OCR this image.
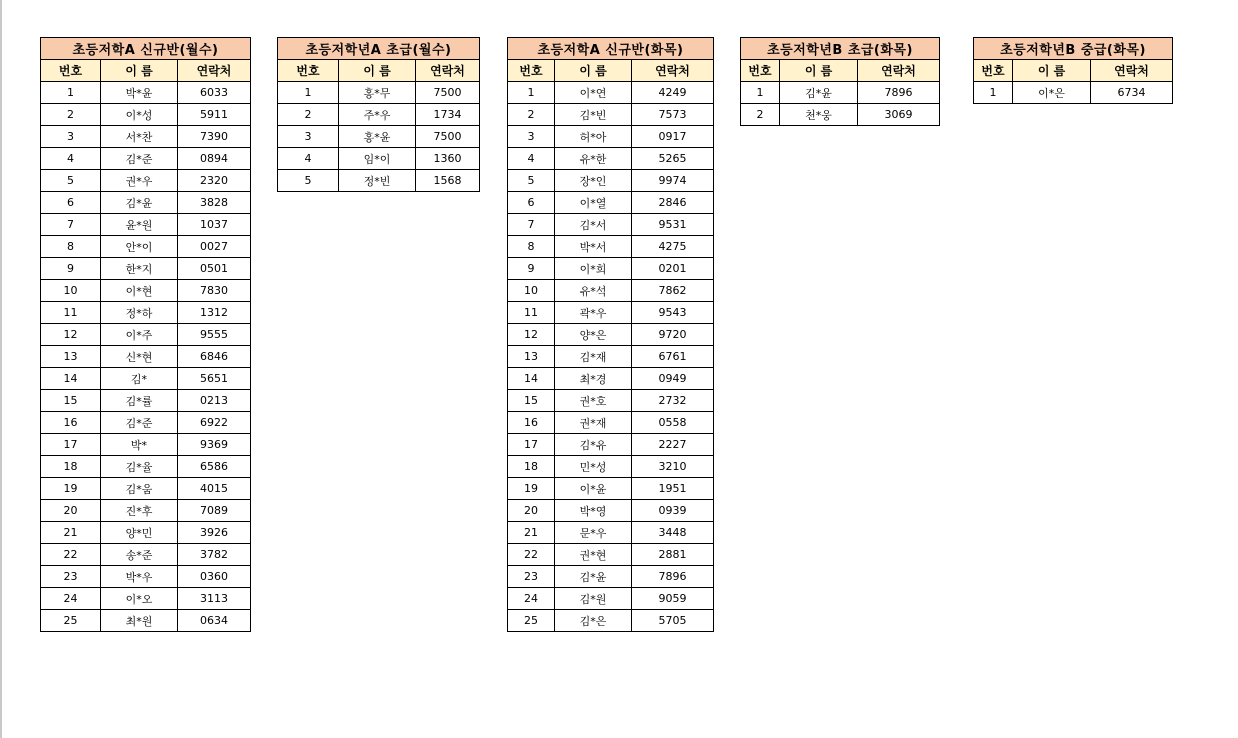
초등저학A 신규반(월수)		
번호	이 름	연락처
1	박*윤	6033
2	이*성	5911
3	서*찬	7390
4	김*준	0894
5	권*우	2320
6	김*윤	3828
7	윤*원	1037
8	안*이	0027
9	한*지	0501
10	이*현	7830
11	정*하	1312
12	이*주	9555
13	신*현	6846
14	김*	5651
15	김*률	0213
16	김*준	6922
17	박*	9369
18	김*율	6586
19	김*움	4015
20	진*후	7089
21	양*민	3926
22	송*준	3782
23	박*우	0360
24	이*오	3113
25	최*원	0634
초등저학년A 초급(월수)		
번호	이 름	연락처
1	홍*무	7500
2	주*우	1734
3	홍*윤	7500
4	임*이	1360
5	정*빈	1568
초등저학A 신규반(화목)		
번호	이 름	연락처
1	이*연	4249
2	김*빈	7573
3	허*아	0917
4	유*한	5265
5	장*인	9974
6	이*열	2846
7	김*서	9531
8	박*서	4275
9	이*희	0201
10	유*석	7862
11	곽*우	9543
12	양*은	9720
13	김*재	6761
14	최*경	0949
15	권*호	2732
16	권*재	0558
17	김*유	2227
18	민*성	3210
19	이*윤	1951
20	박*영	0939
21	문*우	3448
22	권*현	2881
23	김*윤	7896
24	김*원	9059
25	김*은	5705
초등저학년B 초급(화목)		
번호	이 름	연락처
1	김*윤	7896
2	천*웅	3069
초등저학년B 중급(화목)		
번호	이 름	연락처
1	이*은	6734
